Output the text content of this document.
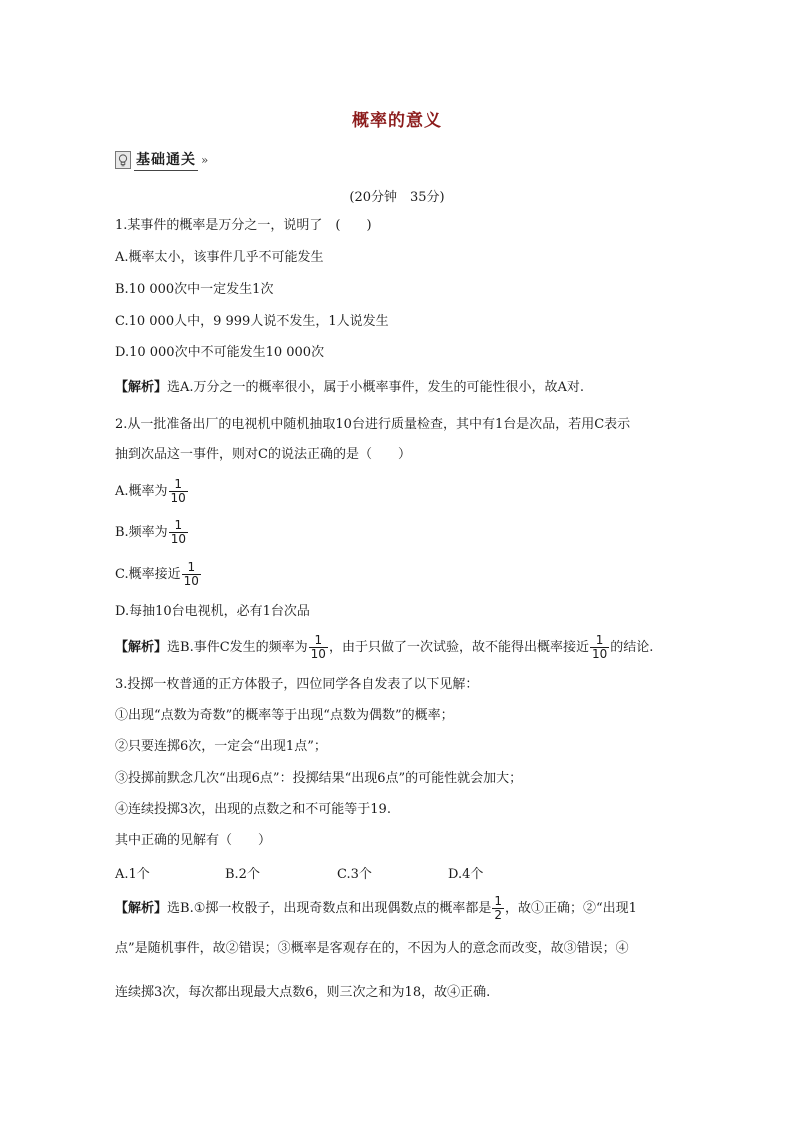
概率的意义
基础通关 »
(20分钟　35分)
1.某事件的概率是万分之一，说明了　(　　)
A.概率太小，该事件几乎不可能发生
B.10 000次中一定发生1次
C.10 000人中，9 999人说不发生，1人说发生
D.10 000次中不可能发生10 000次
【解析】选A.万分之一的概率很小，属于小概率事件，发生的可能性很小，故A对.
2.从一批准备出厂的电视机中随机抽取10台进行质量检查，其中有1台是次品，若用C表示
抽到次品这一事件，则对C的说法正确的是（　　）
A.概率为 $\frac{1}{10}$
B.频率为 $\frac{1}{10}$
C.概率接近 $\frac{1}{10}$
D.每抽10台电视机，必有1台次品
【解析】选B.事件C发生的频率为 $\frac{1}{10}$ ，由于只做了一次试验，故不能得出概率接近 $\frac{1}{10}$ 的结论.
3.投掷一枚普通的正方体骰子，四位同学各自发表了以下见解：
①出现“点数为奇数”的概率等于出现“点数为偶数”的概率；
②只要连掷6次，一定会“出现1点”；
③投掷前默念几次“出现6点”：投掷结果“出现6点”的可能性就会加大；
④连续投掷3次，出现的点数之和不可能等于19.
其中正确的见解有（　　）
A.1个	B.2个	C.3个	D.4个
【解析】选B.①掷一枚骰子，出现奇数点和出现偶数点的概率都是 $\frac{1}{2}$ ，故①正确；②“出现1
点”是随机事件，故②错误；③概率是客观存在的，不因为人的意念而改变，故③错误；④
连续掷3次，每次都出现最大点数6，则三次之和为18，故④正确.
